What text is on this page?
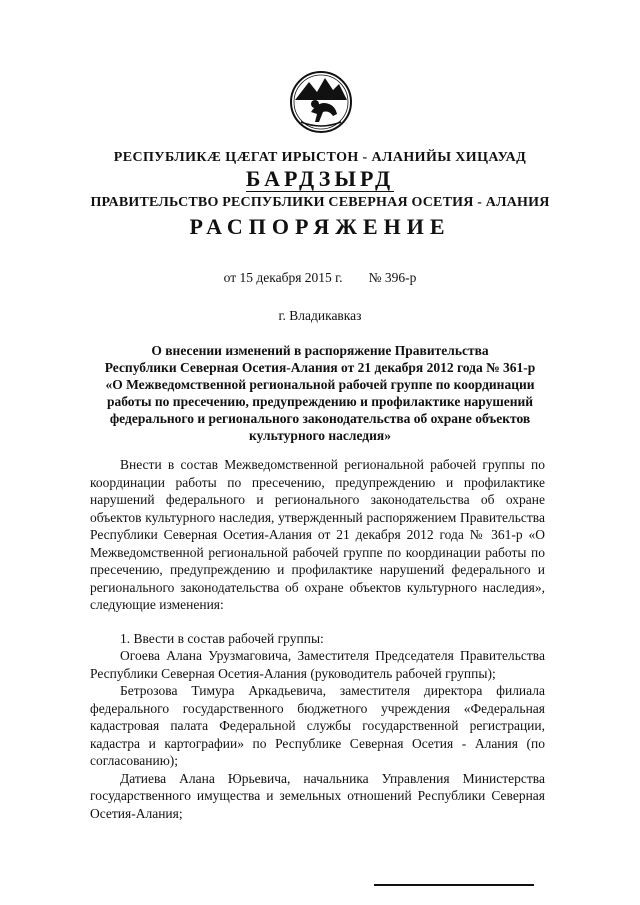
РЕСПУБЛИКӔ ЦӔГАТ ИРЫСТОН - АЛАНИЙЫ ХИЦАУАД
БАРДЗЫРД
ПРАВИТЕЛЬСТВО РЕСПУБЛИКИ СЕВЕРНАЯ ОСЕТИЯ - АЛАНИЯ
РАСПОРЯЖЕНИЕ
от 15 декабря 2015 г. № 396-р
г. Владикавказ
О внесении изменений в распоряжение Правительства
Республики Северная Осетия-Алания от 21 декабря 2012 года № 361-р
«О Межведомственной региональной рабочей группе по координации
работы по пресечению, предупреждению и профилактике нарушений
федерального и регионального законодательства об охране объектов
культурного наследия»

Внести в состав Межведомственной региональной рабочей группы по координации работы по пресечению, предупреждению и профилактике нарушений федерального и регионального законодательства об охране объектов культурного наследия, утвержденный распоряжением Правительства Республики Северная Осетия-Алания от 21 декабря 2012 года № 361-р «О Межведомственной региональной рабочей группе по координации работы по пресечению, предупреждению и профилактике нарушений федерального и регионального законодательства об охране объектов культурного наследия», следующие изменения:

1. Ввести в состав рабочей группы:

Огоева Алана Урузмаговича, Заместителя Председателя Правительства Республики Северная Осетия-Алания (руководитель рабочей группы);

Бетрозова Тимура Аркадьевича, заместителя директора филиала федерального государственного бюджетного учреждения «Федеральная кадастровая палата Федеральной службы государственной регистрации, кадастра и картографии» по Республике Северная Осетия - Алания (по согласованию);

Датиева Алана Юрьевича, начальника Управления Министерства государственного имущества и земельных отношений Республики Северная Осетия-Алания;
